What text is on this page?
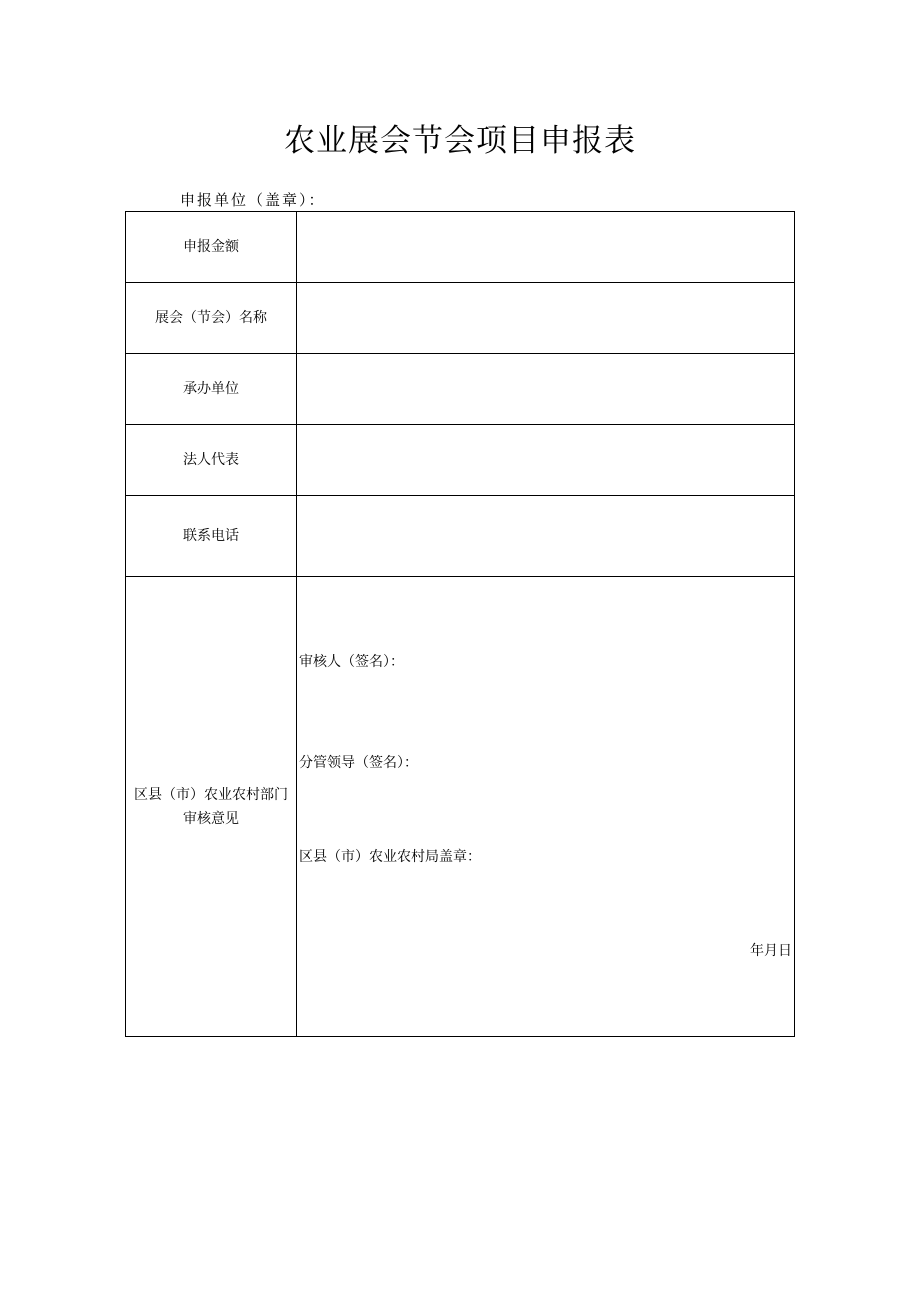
农业展会节会项目申报表
申报单位（盖章）：
申报金额	
展会（节会）名称	
承办单位	
法人代表	
联系电话	

区县（市）农业农村部门审核意见	审核人（签名）：
分管领导（签名）：
区县（市）农业农村局盖章：
年月日
